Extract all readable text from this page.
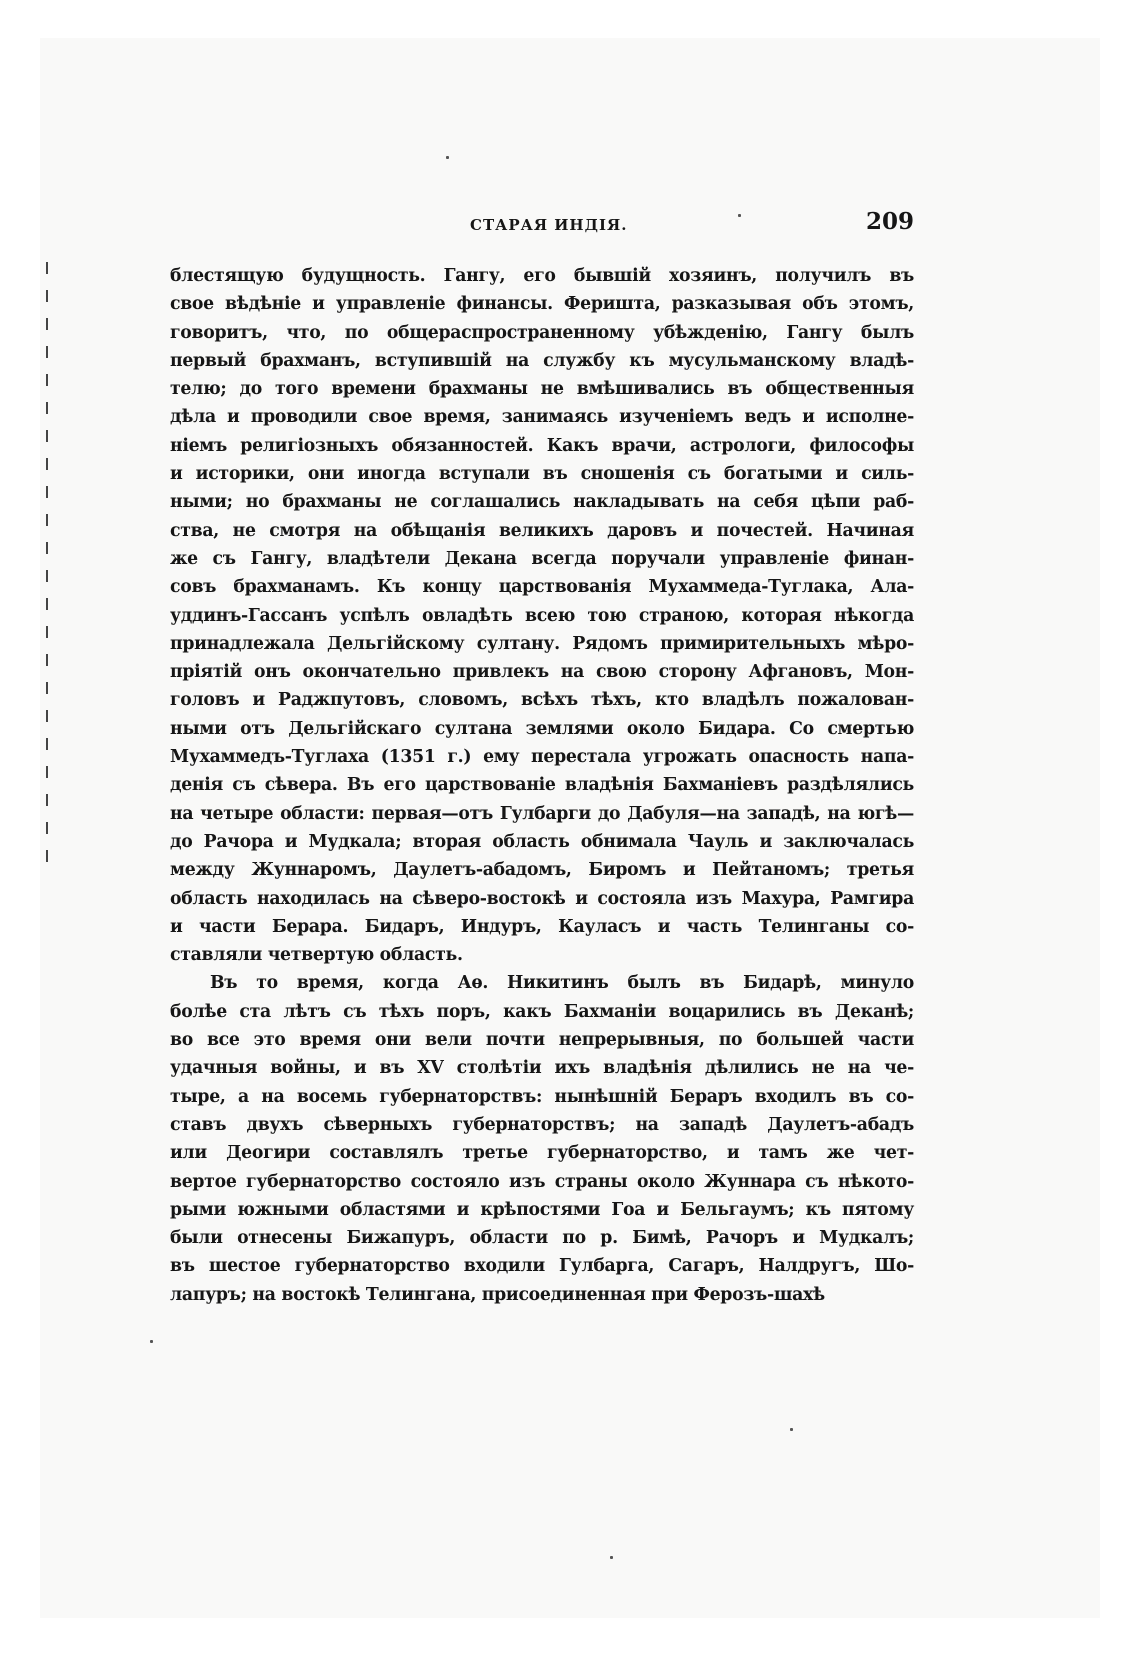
СТАРАЯ ИНДІЯ.	209
блестящую будущность. Гангу, его бывшій хозяинъ, получилъ въ
свое вѣдѣніе и управленіе финансы. Феришта, разказывая объ этомъ,
говоритъ, что, по общераспространенному убѣжденію, Гангу былъ
первый брахманъ, вступившій на службу къ мусульманскому владѣ-
телю; до того времени брахманы не вмѣшивались въ общественныя
дѣла и проводили свое время, занимаясь изученіемъ ведъ и исполне-
ніемъ религіозныхъ обязанностей. Какъ врачи, астрологи, философы
и историки, они иногда вступали въ сношенія съ богатыми и силь-
ными; но брахманы не соглашались накладывать на себя цѣпи раб-
ства, не смотря на обѣщанія великихъ даровъ и почестей. Начиная
же съ Гангу, владѣтели Декана всегда поручали управленіе финан-
совъ брахманамъ. Къ концу царствованія Мухаммеда-Туглака, Ала-
уддинъ-Гассанъ успѣлъ овладѣть всею тою страною, которая нѣкогда
принадлежала Дельгійскому султану. Рядомъ примирительныхъ мѣро-
пріятій онъ окончательно привлекъ на свою сторону Афгановъ, Мон-
головъ и Раджпутовъ, словомъ, всѣхъ тѣхъ, кто владѣлъ пожалован-
ными отъ Дельгійскаго султана землями около Бидара. Со смертью
Мухаммедъ-Туглаха (1351 г.) ему перестала угрожать опасность напа-
денія съ сѣвера. Въ его царствованіе владѣнія Бахманіевъ раздѣлялись
на четыре области: первая—отъ Гулбарги до Дабуля—на западѣ, на югѣ—
до Рачора и Мудкала; вторая область обнимала Чауль и заключалась
между Жуннаромъ, Даулетъ-абадомъ, Биромъ и Пейтаномъ; третья
область находилась на сѣверо-востокѣ и состояла изъ Махура, Рамгира
и части Берара. Бидаръ, Индуръ, Кауласъ и часть Телинганы со-
ставляли четвертую область.
Въ то время, когда Аѳ. Никитинъ былъ въ Бидарѣ, минуло
болѣе ста лѣтъ съ тѣхъ поръ, какъ Бахманіи воцарились въ Деканѣ;
во все это время они вели почти непрерывныя, по большей части
удачныя войны, и въ XV столѣтіи ихъ владѣнія дѣлились не на че-
тыре, а на восемь губернаторствъ: нынѣшній Бераръ входилъ въ со-
ставъ двухъ сѣверныхъ губернаторствъ; на западѣ Даулетъ-абадъ
или Деогири составлялъ третье губернаторство, и тамъ же чет-
вертое губернаторство состояло изъ страны около Жуннара съ нѣкото-
рыми южными областями и крѣпостями Гоа и Бельгаумъ; къ пятому
были отнесены Бижапуръ, области по р. Бимѣ, Рачоръ и Мудкалъ;
въ шестое губернаторство входили Гулбарга, Сагаръ, Налдругъ, Шо-
лапуръ; на востокѣ Телингана, присоединенная при Ферозъ-шахѣ
